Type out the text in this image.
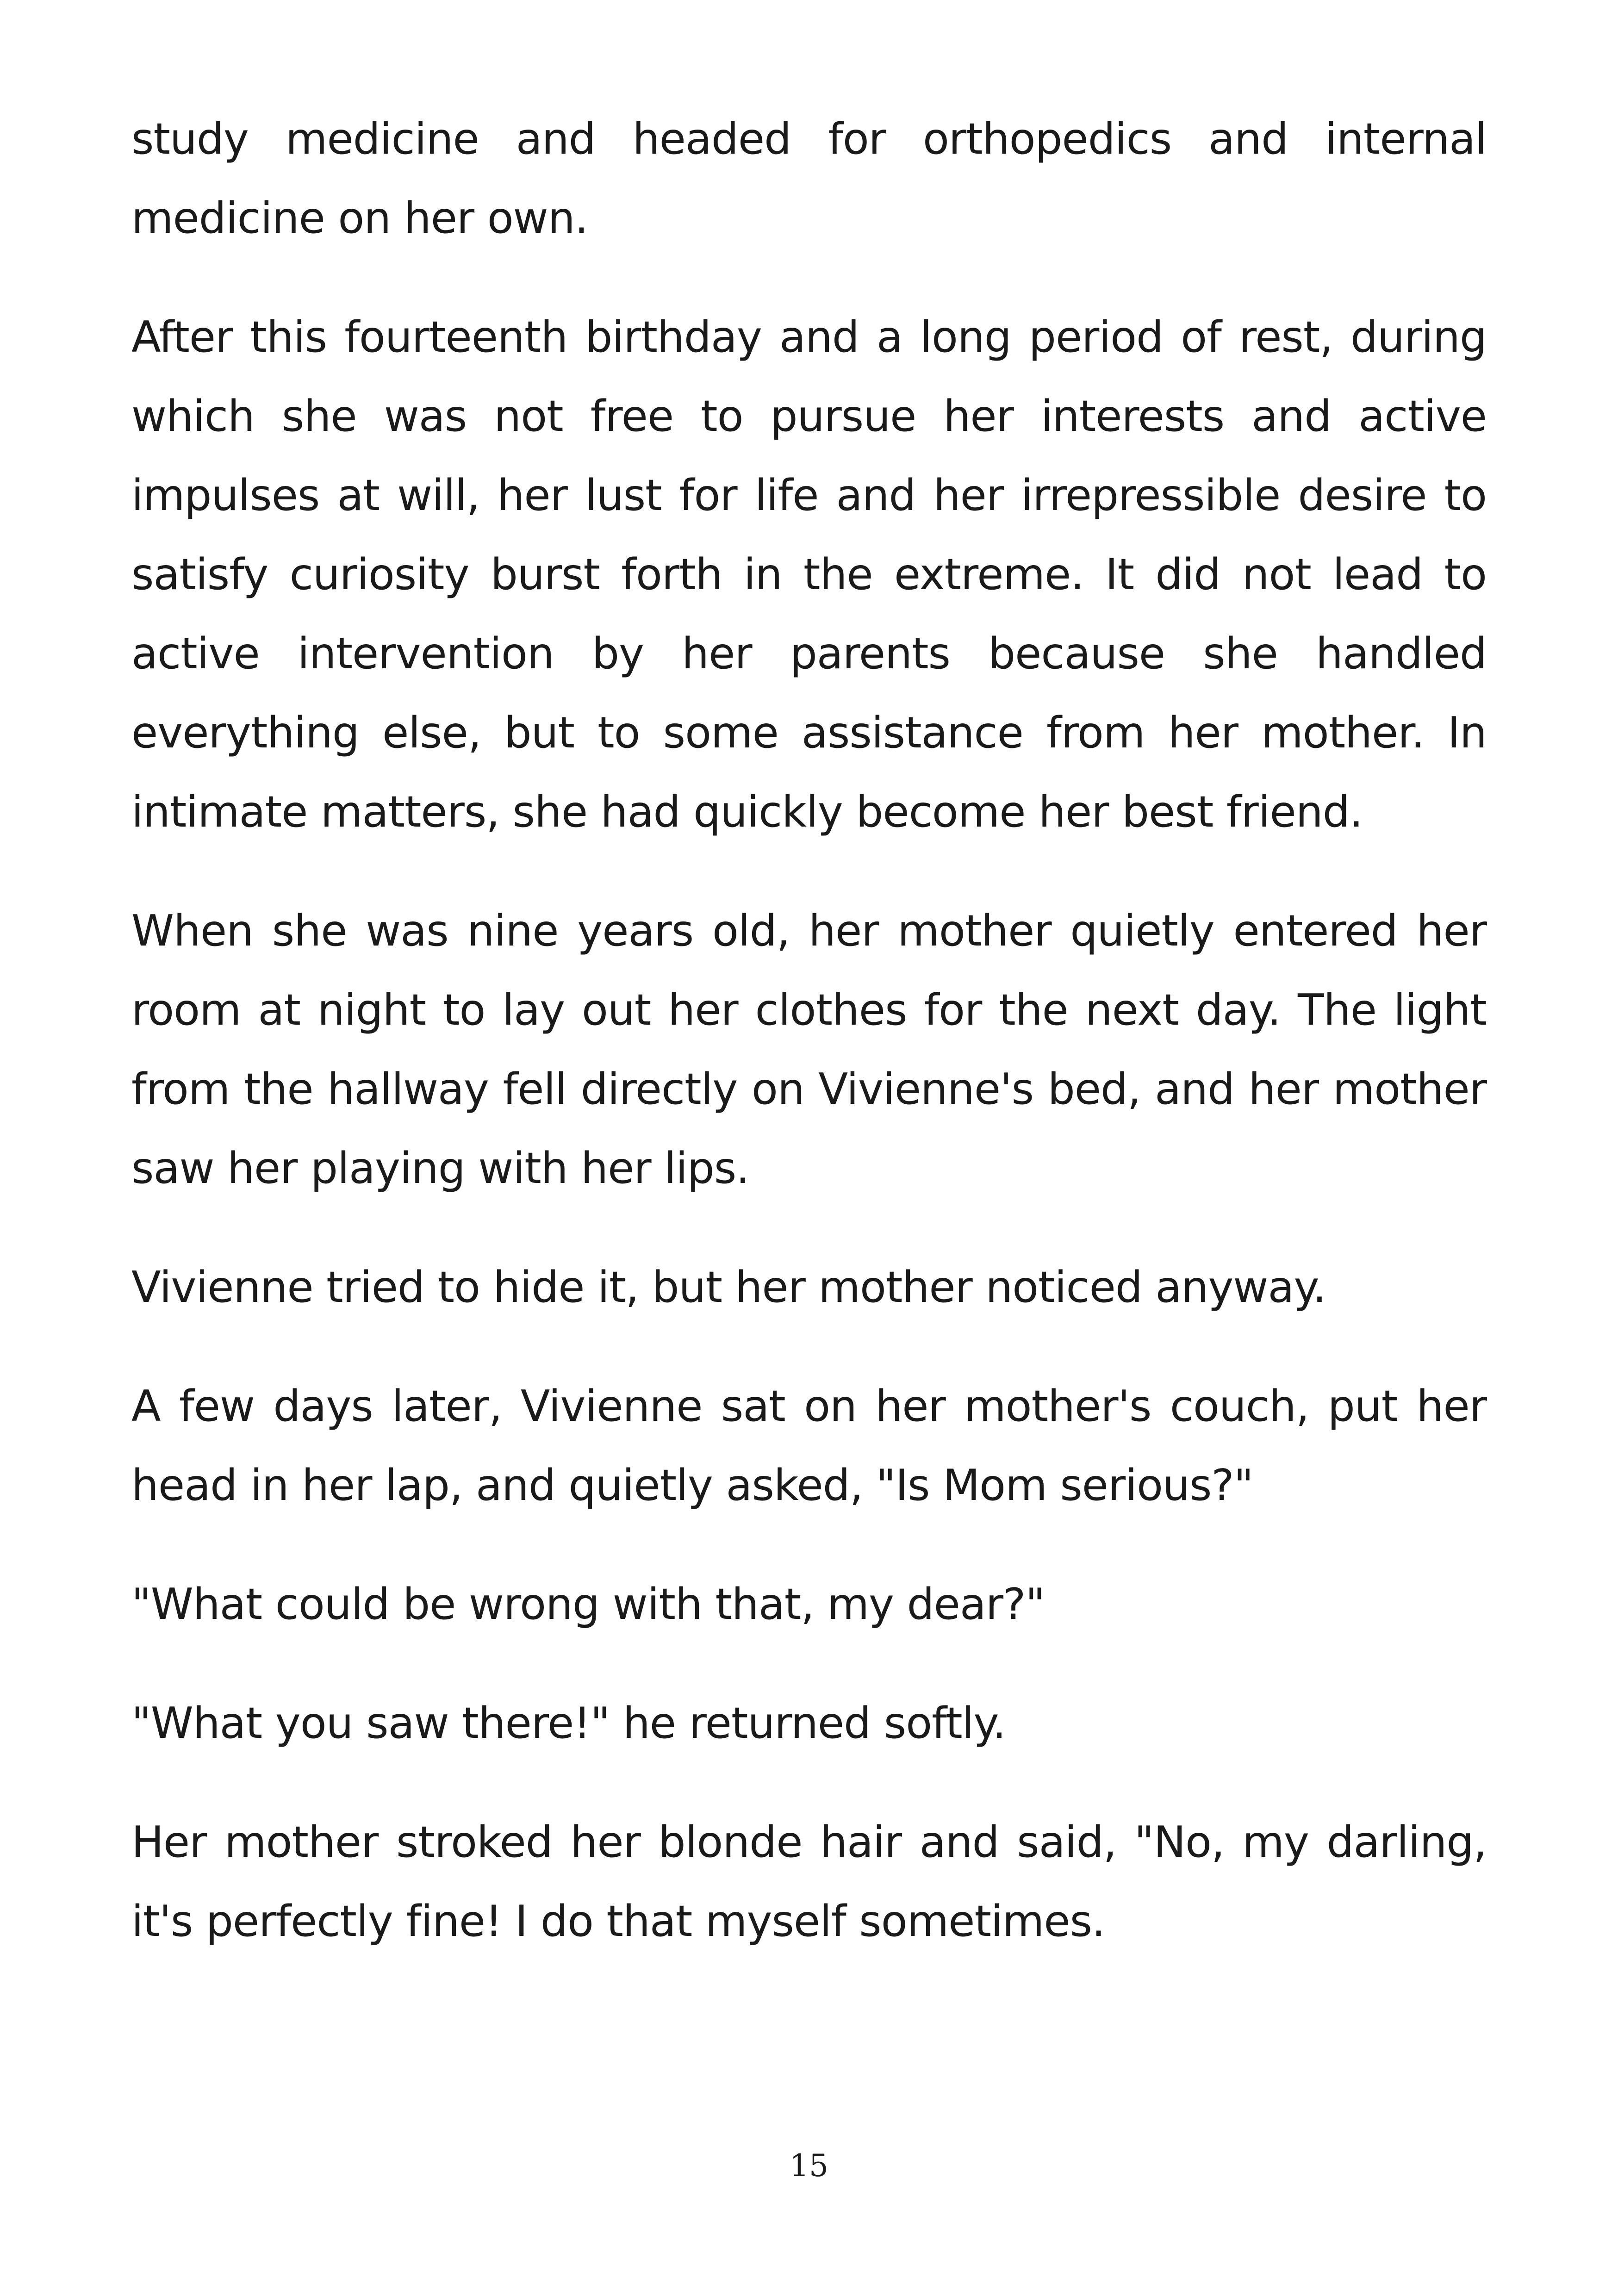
study medicine and headed for orthopedics and internal medicine on her own.

After this fourteenth birthday and a long period of rest, during which she was not free to pursue her interests and active impulses at will, her lust for life and her irrepressible desire to satisfy curiosity burst forth in the extreme. It did not lead to active intervention by her parents because she handled everything else, but to some assistance from her mother. In intimate matters, she had quickly become her best friend.

When she was nine years old, her mother quietly entered her room at night to lay out her clothes for the next day. The light from the hallway fell directly on Vivienne's bed, and her mother saw her playing with her lips.

Vivienne tried to hide it, but her mother noticed anyway.

A few days later, Vivienne sat on her mother's couch, put her head in her lap, and quietly asked, "Is Mom serious?"

"What could be wrong with that, my dear?"

"What you saw there!" he returned softly.

Her mother stroked her blonde hair and said, "No, my darling, it's perfectly fine! I do that myself sometimes.

15
